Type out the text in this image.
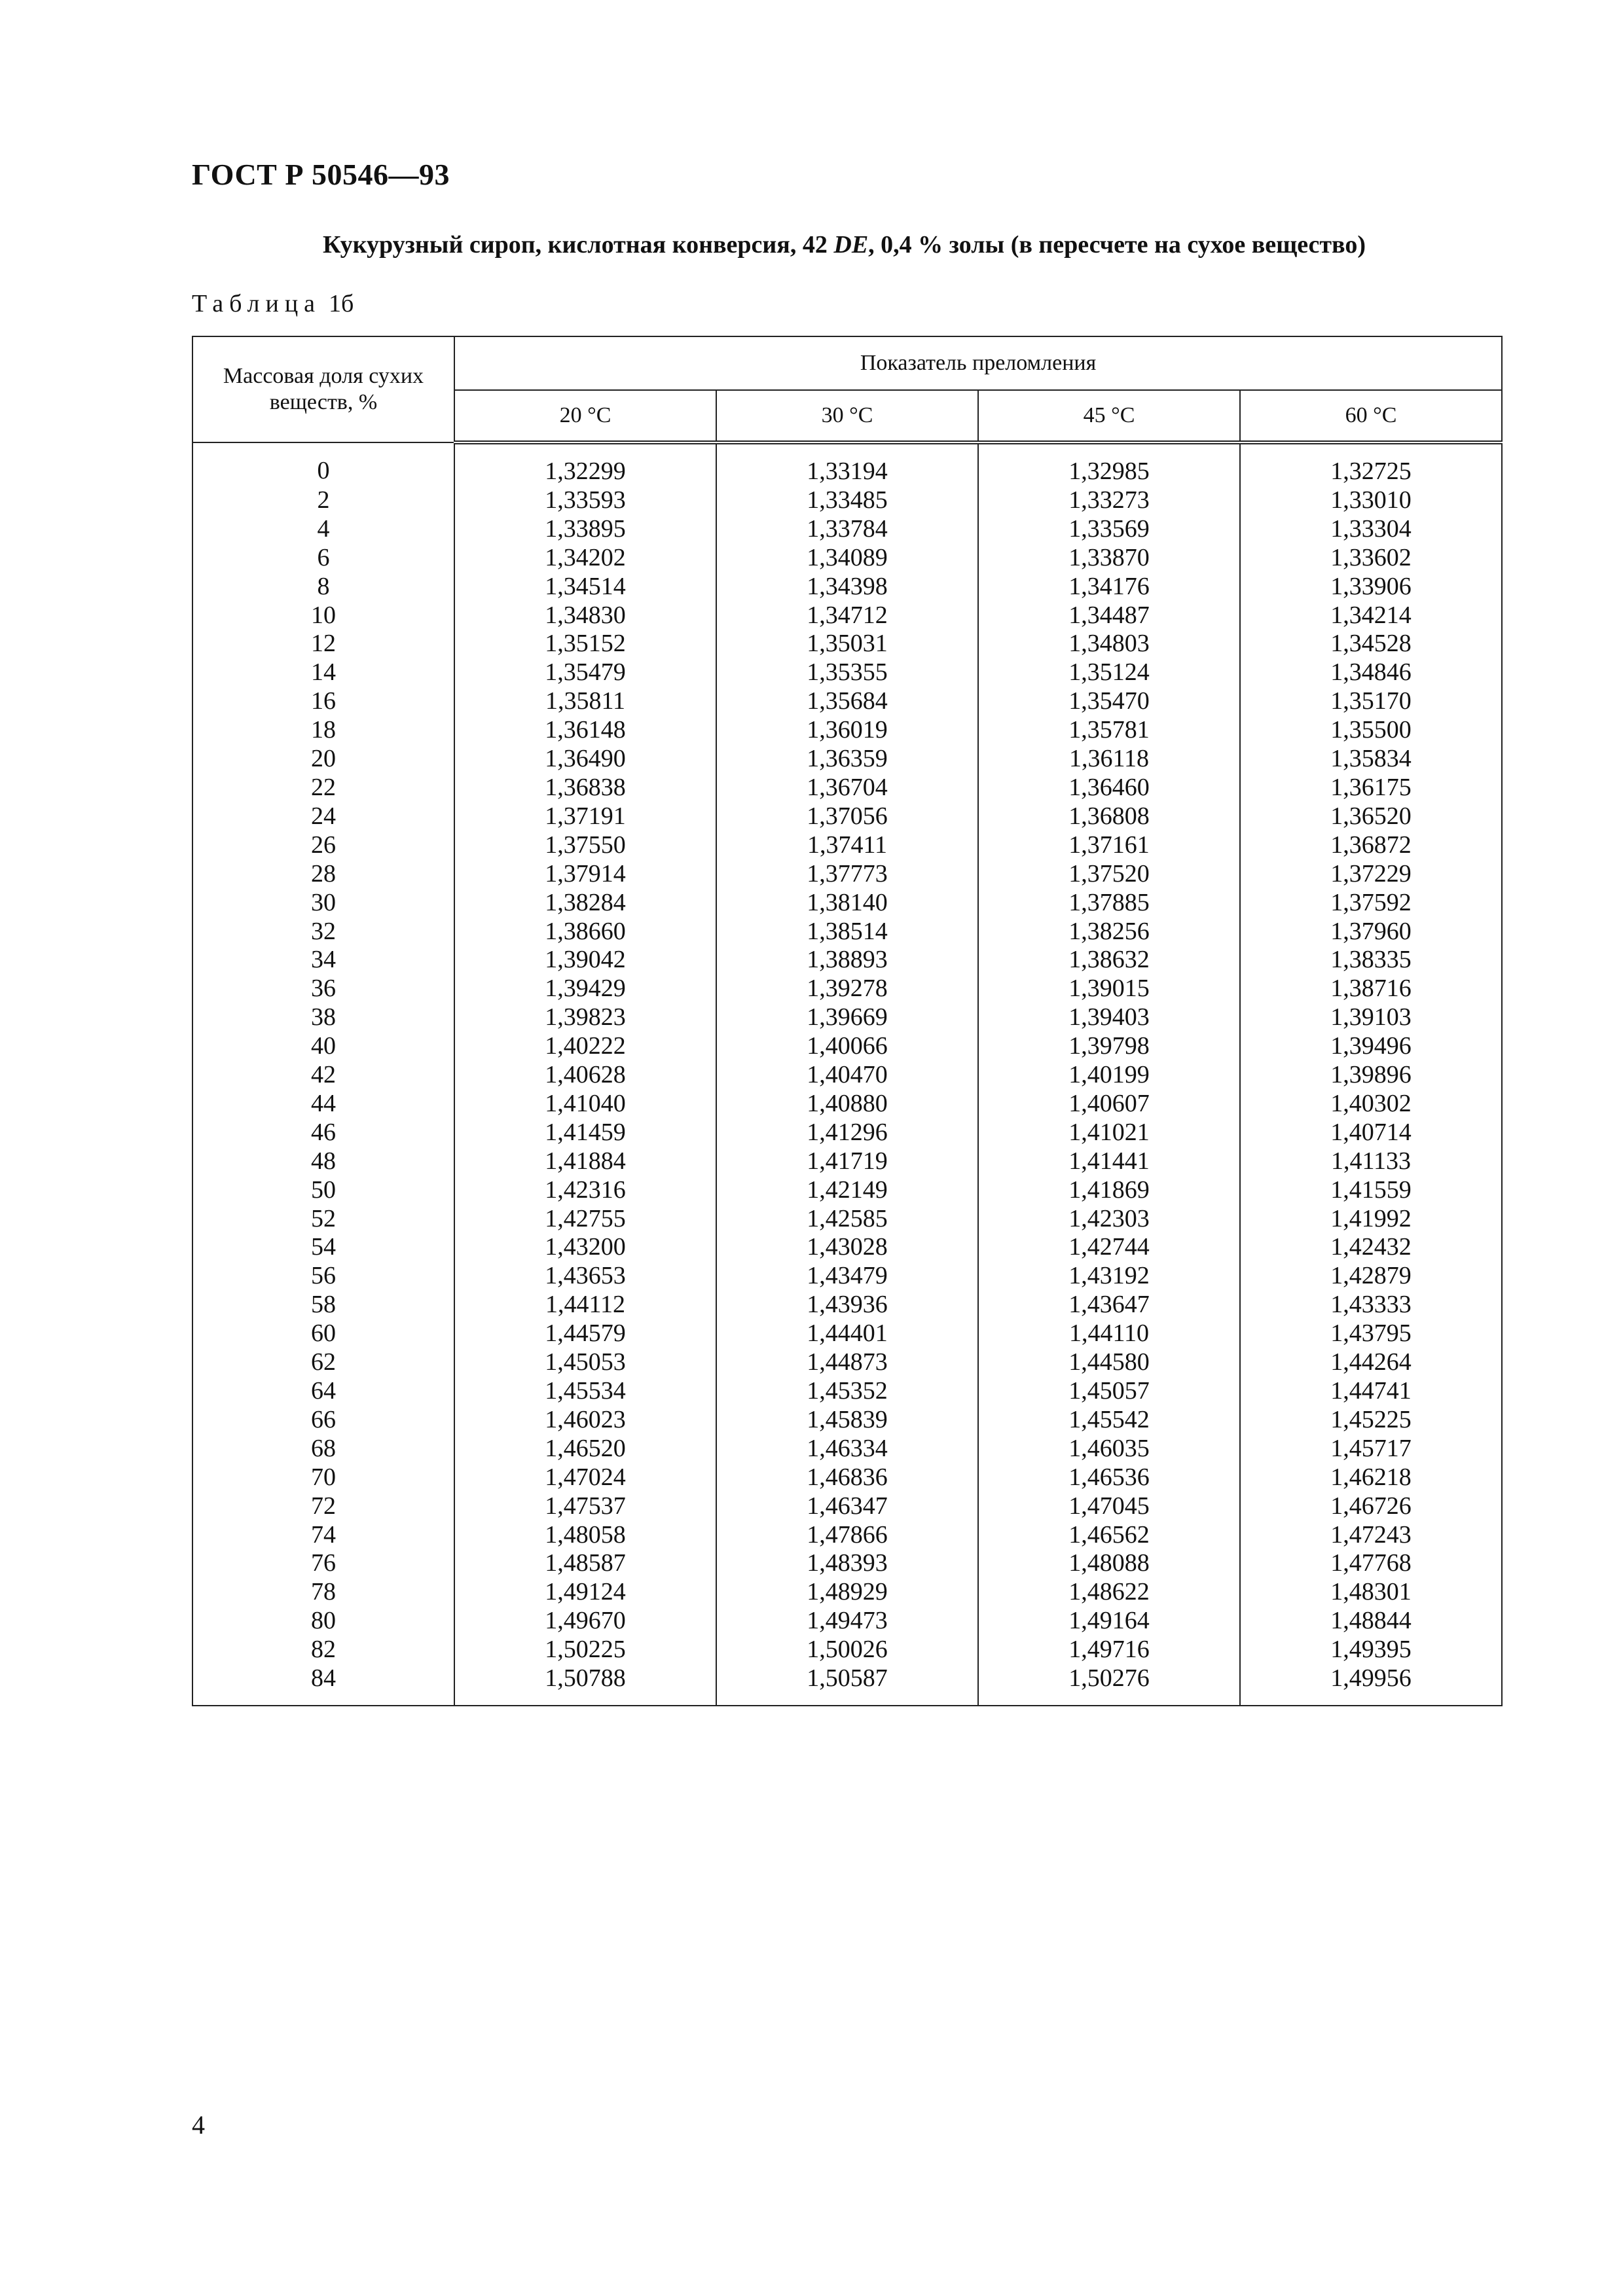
ГОСТ Р 50546—93
Кукурузный сироп, кислотная конверсия, 42 DE, 0,4 % золы (в пересчете на сухое вещество)
Таблица 1б
Массовая доля сухих веществ, %	Показатель преломления			
	20 °С	30 °С	45 °С	60 °С
0	1,32299	1,33194	1,32985	1,32725
2	1,33593	1,33485	1,33273	1,33010
4	1,33895	1,33784	1,33569	1,33304
6	1,34202	1,34089	1,33870	1,33602
8	1,34514	1,34398	1,34176	1,33906
10	1,34830	1,34712	1,34487	1,34214
12	1,35152	1,35031	1,34803	1,34528
14	1,35479	1,35355	1,35124	1,34846
16	1,35811	1,35684	1,35470	1,35170
18	1,36148	1,36019	1,35781	1,35500
20	1,36490	1,36359	1,36118	1,35834
22	1,36838	1,36704	1,36460	1,36175
24	1,37191	1,37056	1,36808	1,36520
26	1,37550	1,37411	1,37161	1,36872
28	1,37914	1,37773	1,37520	1,37229
30	1,38284	1,38140	1,37885	1,37592
32	1,38660	1,38514	1,38256	1,37960
34	1,39042	1,38893	1,38632	1,38335
36	1,39429	1,39278	1,39015	1,38716
38	1,39823	1,39669	1,39403	1,39103
40	1,40222	1,40066	1,39798	1,39496
42	1,40628	1,40470	1,40199	1,39896
44	1,41040	1,40880	1,40607	1,40302
46	1,41459	1,41296	1,41021	1,40714
48	1,41884	1,41719	1,41441	1,41133
50	1,42316	1,42149	1,41869	1,41559
52	1,42755	1,42585	1,42303	1,41992
54	1,43200	1,43028	1,42744	1,42432
56	1,43653	1,43479	1,43192	1,42879
58	1,44112	1,43936	1,43647	1,43333
60	1,44579	1,44401	1,44110	1,43795
62	1,45053	1,44873	1,44580	1,44264
64	1,45534	1,45352	1,45057	1,44741
66	1,46023	1,45839	1,45542	1,45225
68	1,46520	1,46334	1,46035	1,45717
70	1,47024	1,46836	1,46536	1,46218
72	1,47537	1,46347	1,47045	1,46726
74	1,48058	1,47866	1,46562	1,47243
76	1,48587	1,48393	1,48088	1,47768
78	1,49124	1,48929	1,48622	1,48301
80	1,49670	1,49473	1,49164	1,48844
82	1,50225	1,50026	1,49716	1,49395
84	1,50788	1,50587	1,50276	1,49956
4
